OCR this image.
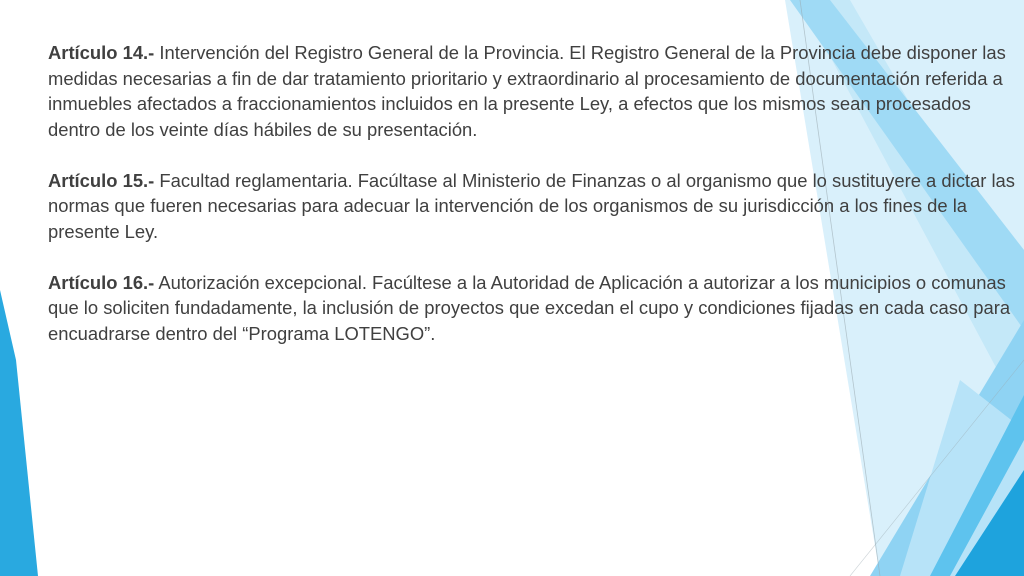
Artículo 14.- Intervención del Registro General de la Provincia. El Registro General de la Provincia debe disponer las medidas necesarias a fin de dar tratamiento prioritario y extraordinario al procesamiento de documentación referida a inmuebles afectados a fraccionamientos incluidos en la presente Ley, a efectos que los mismos sean procesados dentro de los veinte días hábiles de su presentación.

Artículo 15.- Facultad reglamentaria. Facúltase al Ministerio de Finanzas o al organismo que lo sustituyere a dictar las normas que fueren necesarias para adecuar la intervención de los organismos de su jurisdicción a los fines de la presente Ley.

Artículo 16.- Autorización excepcional. Facúltese a la Autoridad de Aplicación a autorizar a los municipios o comunas que lo soliciten fundadamente, la inclusión de proyectos que excedan el cupo y condiciones fijadas en cada caso para encuadrarse dentro del “Programa LOTENGO”.
